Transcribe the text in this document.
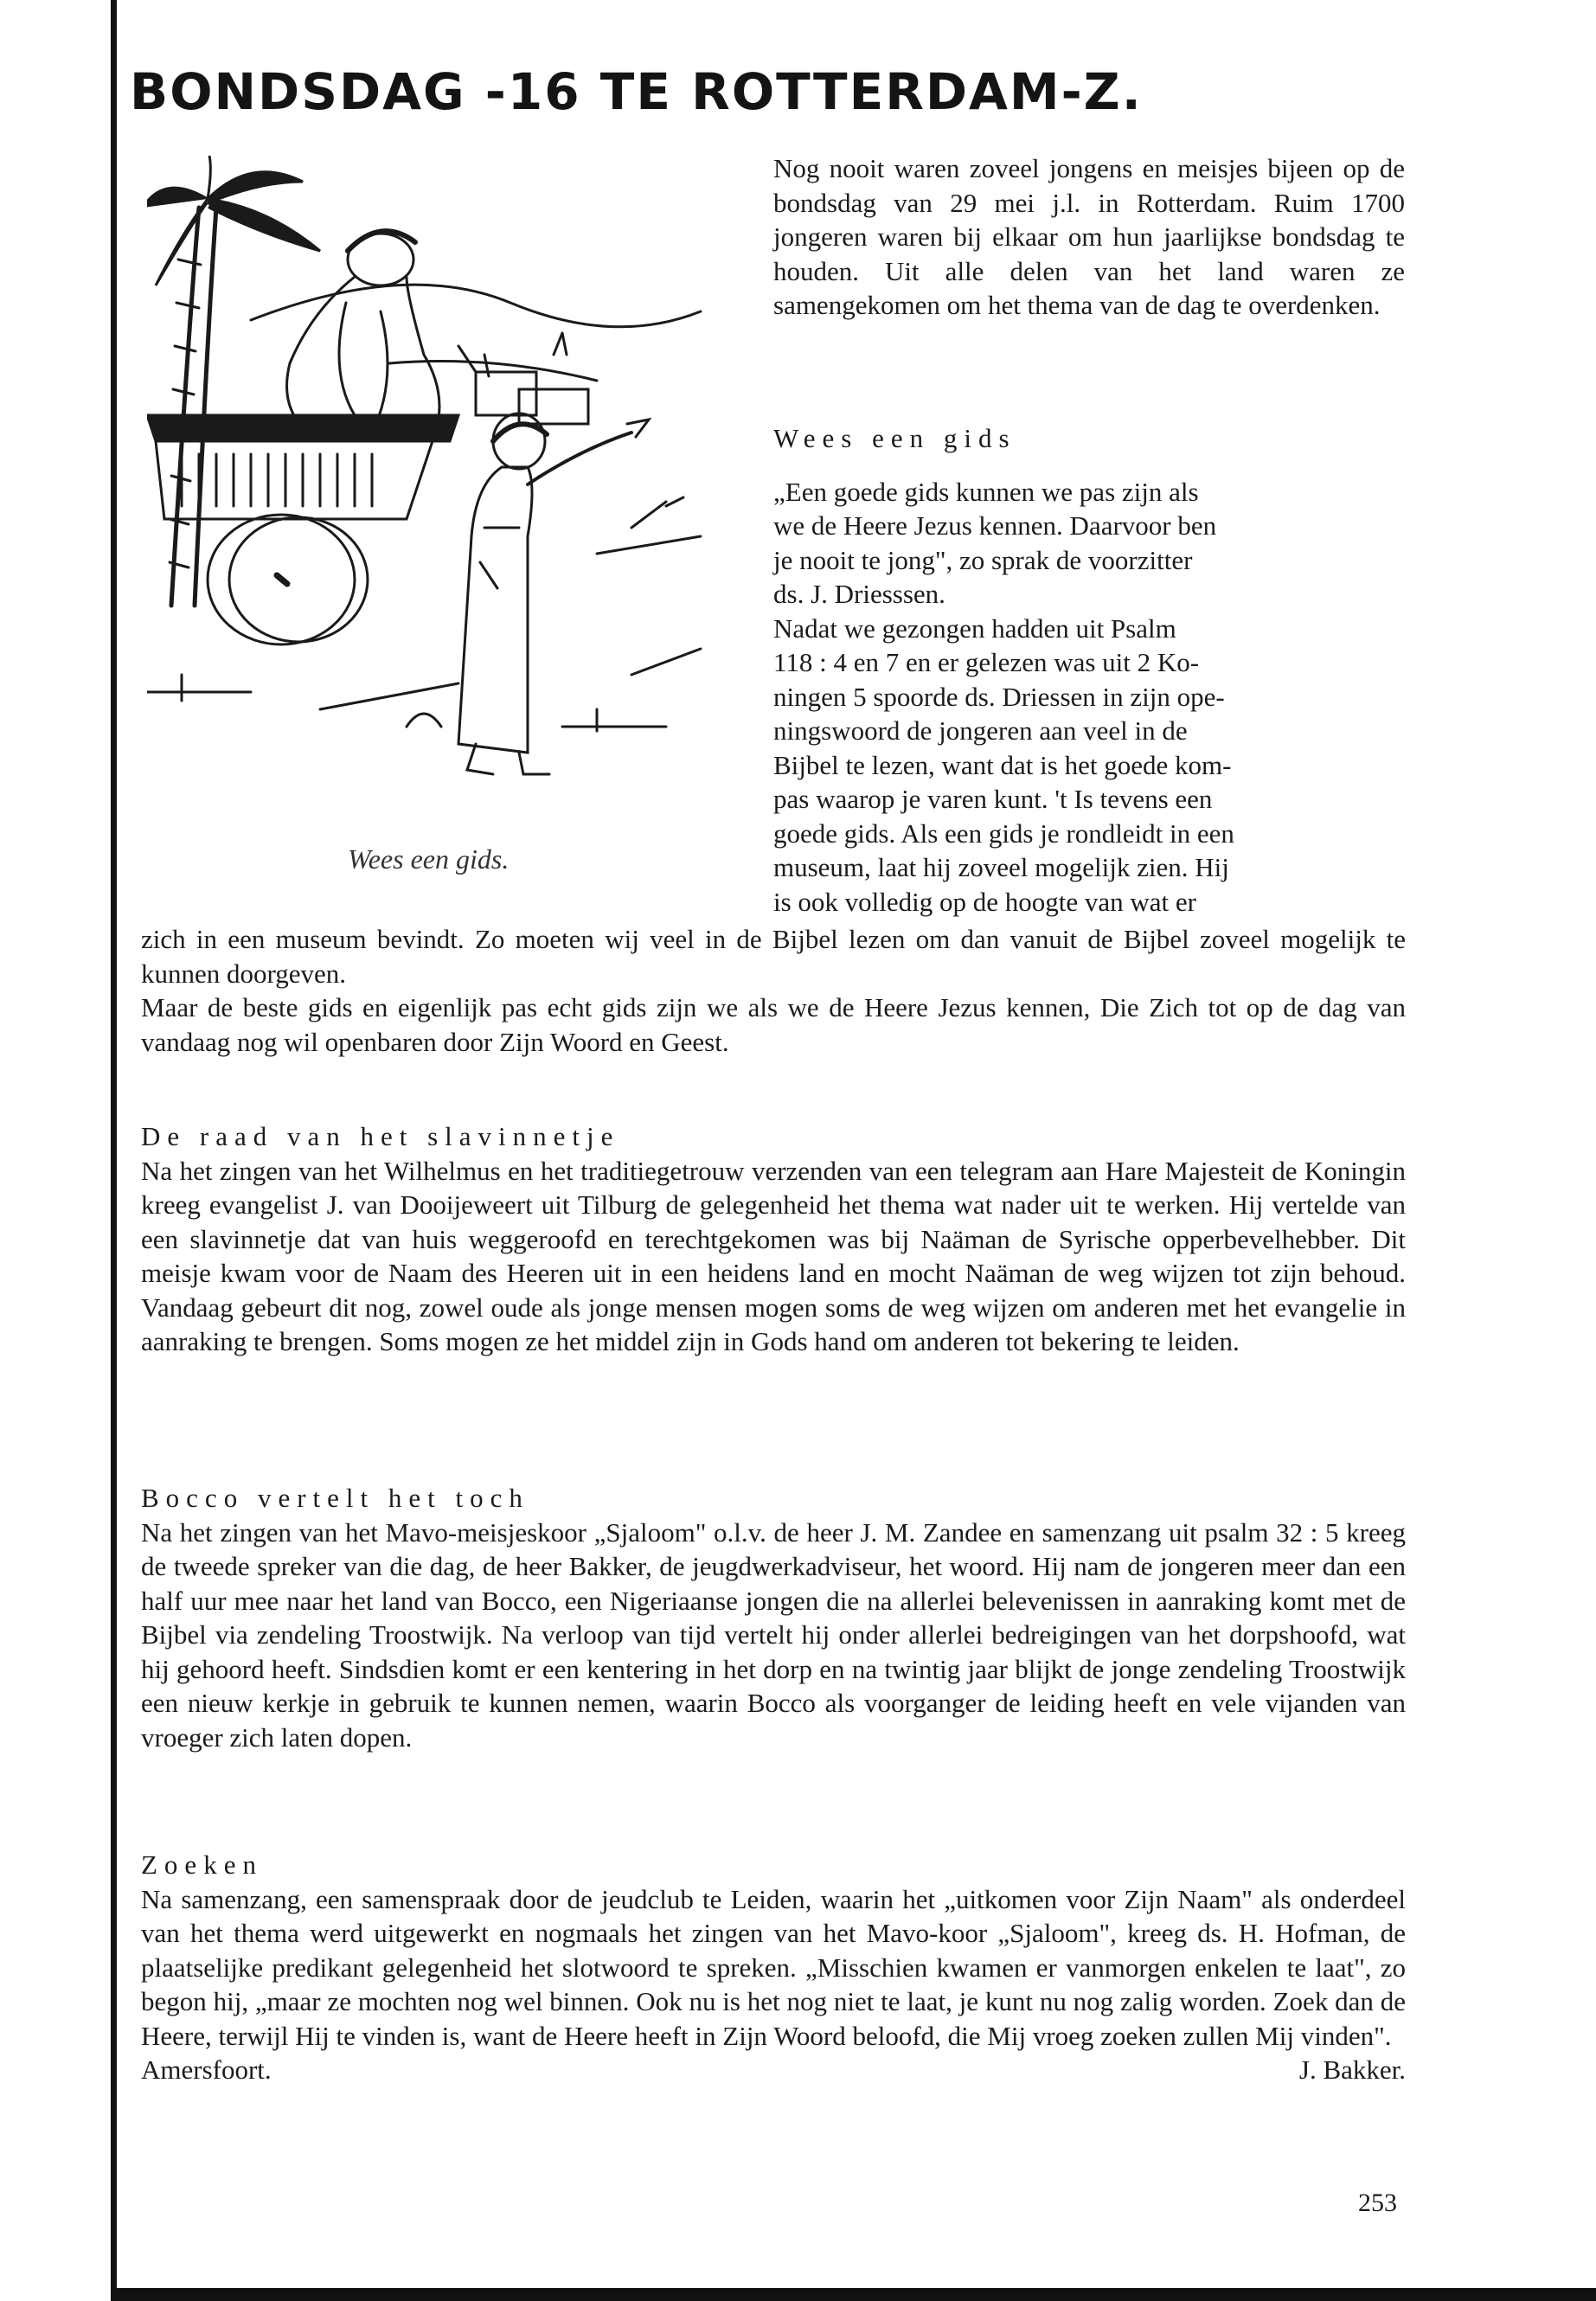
BONDSDAG -16 TE ROTTERDAM-Z.
Wees een gids.

Nog nooit waren zoveel jongens en meisjes bijeen op de bondsdag van 29 mei j.l. in Rotterdam. Ruim 1700 jongeren waren bij elkaar om hun jaarlijkse bondsdag te houden. Uit alle delen van het land waren ze samengekomen om het thema van de dag te overdenken.

Wees een gids

„Een goede gids kunnen we pas zijn als
we de Heere Jezus kennen. Daarvoor ben
je nooit te jong", zo sprak de voorzitter
ds. J. Driesssen.
Nadat we gezongen hadden uit Psalm
118 : 4 en 7 en er gelezen was uit 2 Ko-
ningen 5 spoorde ds. Driessen in zijn ope-
ningswoord de jongeren aan veel in de
Bijbel te lezen, want dat is het goede kom-
pas waarop je varen kunt. 't Is tevens een
goede gids. Als een gids je rondleidt in een
museum, laat hij zoveel mogelijk zien. Hij
is ook volledig op de hoogte van wat er

zich in een museum bevindt. Zo moeten wij veel in de Bijbel lezen om dan vanuit de Bijbel zoveel mogelijk te kunnen doorgeven.

Maar de beste gids en eigenlijk pas echt gids zijn we als we de Heere Jezus kennen, Die Zich tot op de dag van vandaag nog wil openbaren door Zijn Woord en Geest.

De raad van het slavinnetje

Na het zingen van het Wilhelmus en het traditiegetrouw verzenden van een telegram aan Hare Majesteit de Koningin kreeg evangelist J. van Dooijeweert uit Tilburg de gelegenheid het thema wat nader uit te werken. Hij vertelde van een slavinnetje dat van huis weggeroofd en terechtgekomen was bij Naäman de Syrische opperbevelhebber. Dit meisje kwam voor de Naam des Heeren uit in een heidens land en mocht Naäman de weg wijzen tot zijn behoud. Vandaag gebeurt dit nog, zowel oude als jonge mensen mogen soms de weg wijzen om anderen met het evangelie in aanraking te brengen. Soms mogen ze het middel zijn in Gods hand om anderen tot bekering te leiden.

Bocco vertelt het toch

Na het zingen van het Mavo-meisjeskoor „Sjaloom" o.l.v. de heer J. M. Zandee en samenzang uit psalm 32 : 5 kreeg de tweede spreker van die dag, de heer Bakker, de jeugdwerkadviseur, het woord. Hij nam de jongeren meer dan een half uur mee naar het land van Bocco, een Nigeriaanse jongen die na allerlei belevenissen in aanraking komt met de Bijbel via zendeling Troostwijk. Na verloop van tijd vertelt hij onder allerlei bedreigingen van het dorpshoofd, wat hij gehoord heeft. Sindsdien komt er een kentering in het dorp en na twintig jaar blijkt de jonge zendeling Troostwijk een nieuw kerkje in gebruik te kunnen nemen, waarin Bocco als voorganger de leiding heeft en vele vijanden van vroeger zich laten dopen.

Zoeken

Na samenzang, een samenspraak door de jeudclub te Leiden, waarin het „uitkomen voor Zijn Naam" als onderdeel van het thema werd uitgewerkt en nogmaals het zingen van het Mavo-koor „Sjaloom", kreeg ds. H. Hofman, de plaatselijke predikant gelegenheid het slotwoord te spreken. „Misschien kwamen er vanmorgen enkelen te laat", zo begon hij, „maar ze mochten nog wel binnen. Ook nu is het nog niet te laat, je kunt nu nog zalig worden. Zoek dan de Heere, terwijl Hij te vinden is, want de Heere heeft in Zijn Woord beloofd, die Mij vroeg zoeken zullen Mij vinden".

Amersfoort.	J. Bakker.
253
